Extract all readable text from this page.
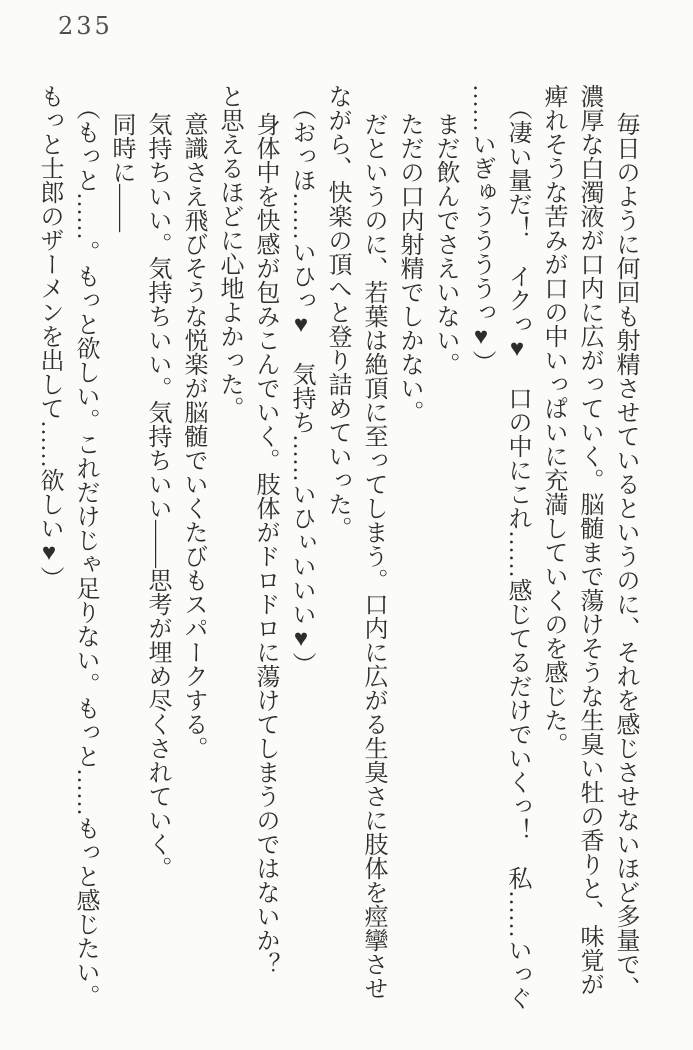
235
毎日のように何回も射精させているというのに、それを感じさせないほど多量で、
濃厚な白濁液が口内に広がっていく。脳髄まで蕩けそうな生臭い牡の香りと、味覚が
痺れそうな苦みが口の中いっぱいに充満していくのを感じた。
（凄い量だ！　イクっ♥　口の中にこれ……感じてるだけでいくっ！　私……いっぐ
……いぎゅううううっ♥）
まだ飲んでさえいない。
ただの口内射精でしかない。
だというのに、若葉は絶頂に至ってしまう。口内に広がる生臭さに肢体を痙攣させ
ながら、快楽の頂へと登り詰めていった。
（おっほ……いひっ♥　気持ち……いひぃいいい♥）
身体中を快感が包みこんでいく。肢体がドロドロに蕩けてしまうのではないか？
と思えるほどに心地よかった。
意識さえ飛びそうな悦楽が脳髄でいくたびもスパークする。
気持ちいい。気持ちいい。気持ちいい――思考が埋め尽くされていく。
同時に――
（もっと……。もっと欲しい。これだけじゃ足りない。もっと……もっと感じたい。
もっと士郎のザーメンを出して……欲しい♥）
